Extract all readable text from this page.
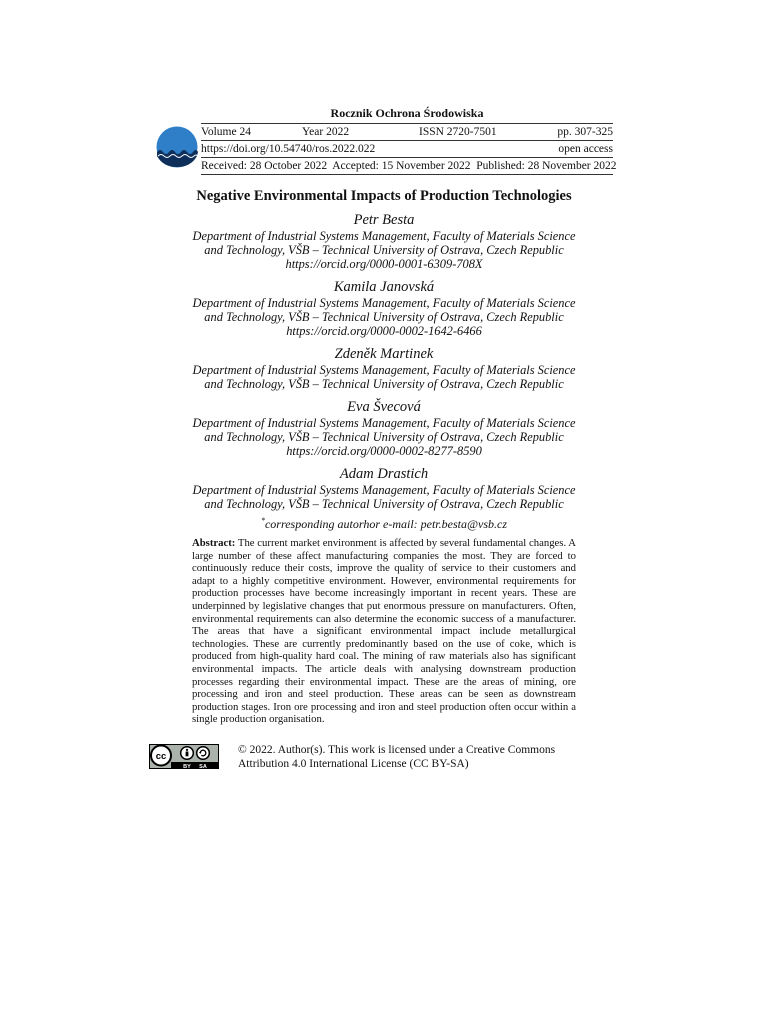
Rocznik Ochrona Środowiska
Volume 24	Year 2022	ISSN 2720-7501	pp. 307-325
https://doi.org/10.54740/ros.2022.022	open access
Received: 28 October 2022  Accepted: 15 November 2022  Published: 28 November 2022
Negative Environmental Impacts of Production Technologies
Petr Besta
Department of Industrial Systems Management, Faculty of Materials Science
and Technology, VŠB – Technical University of Ostrava, Czech Republic
https://orcid.org/0000-0001-6309-708X
Kamila Janovská
Department of Industrial Systems Management, Faculty of Materials Science
and Technology, VŠB – Technical University of Ostrava, Czech Republic
https://orcid.org/0000-0002-1642-6466
Zdeněk Martinek
Department of Industrial Systems Management, Faculty of Materials Science
and Technology, VŠB – Technical University of Ostrava, Czech Republic
Eva Švecová
Department of Industrial Systems Management, Faculty of Materials Science
and Technology, VŠB – Technical University of Ostrava, Czech Republic
https://orcid.org/0000-0002-8277-8590
Adam Drastich
Department of Industrial Systems Management, Faculty of Materials Science
and Technology, VŠB – Technical University of Ostrava, Czech Republic
*corresponding autorhor e-mail: petr.besta@vsb.cz
Abstract: The current market environment is affected by several fundamental changes. A large number of these affect manufacturing companies the most. They are forced to continuously reduce their costs, improve the quality of service to their customers and adapt to a highly competitive environment. However, environmental requirements for production processes have become increasingly important in recent years. These are underpinned by legislative changes that put enormous pressure on manufacturers. Often, environmental requirements can also determine the economic success of a manufacturer. The areas that have a significant environmental impact include metallurgical technologies. These are currently predominantly based on the use of coke, which is produced from high-quality hard coal. The mining of raw materials also has significant environmental impacts. The article deals with analysing downstream production processes regarding their environmental impact. These are the areas of mining, ore processing and iron and steel production. These areas can be seen as downstream production stages. Iron ore processing and iron and steel production often occur within a single production organisation.
cc
BY SA
© 2022. Author(s). This work is licensed under a Creative Commons
Attribution 4.0 International License (CC BY-SA)
